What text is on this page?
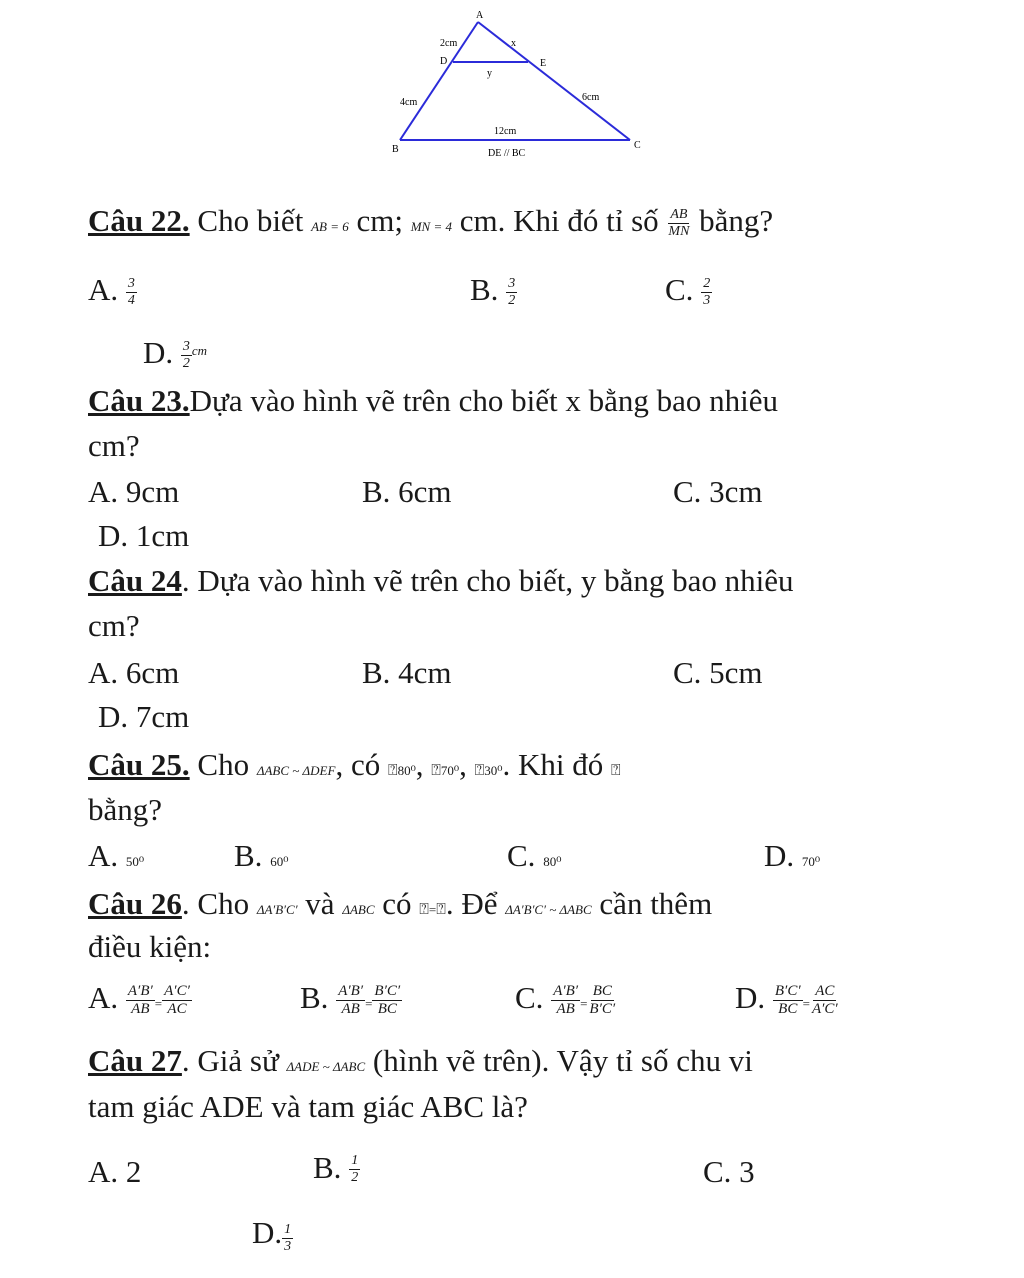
A
2cm	x
D	E
y
4cm	6cm
12cm
B	C
DE // BC
Câu 22. Cho biết AB = 6 cm; MN = 4 cm. Khi đó tỉ số $\frac{AB}{MN}$ bằng?
A. $\frac{3}{4}$	B. $\frac{3}{2}$	C. $\frac{2}{3}$
D. $\frac{3}{2} ^{cm}$
Câu 23.Dựa vào hình vẽ trên cho biết x bằng bao nhiêu
cm?
A. 9cm	B. 6cm	C. 3cm
D. 1cm
Câu 24. Dựa vào hình vẽ trên cho biết, y bằng bao nhiêu
cm?
A. 6cm	B. 4cm	C. 5cm
D. 7cm
Câu 25. Cho ΔABC ~ ΔDEF, có ⍰80⁰, ⍰70⁰, ⍰30⁰. Khi đó ⍰
bằng?
A. 50⁰	B. 60⁰	C. 80⁰	D. 70⁰
Câu 26. Cho ΔA′B′C′ và ΔABC có ⍰=⍰. Để ΔA′B′C′ ~ ΔABC cần thêm
điều kiện:
A. $\frac{A'B'}{AB} = \frac{A'C'}{AC}$	B. $\frac{A'B'}{AB} = \frac{B'C'}{BC}$	C. $\frac{A'B'}{AB} = \frac{BC}{B'C'}$	D. $\frac{B'C'}{BC} = \frac{AC}{A'C'}$
Câu 27. Giả sử ΔADE ~ ΔABC (hình vẽ trên). Vậy tỉ số chu vi
tam giác ADE và tam giác ABC là?
A. 2	B. $\frac{1}{2}$	C. 3
D. $\frac{1}{3}$
